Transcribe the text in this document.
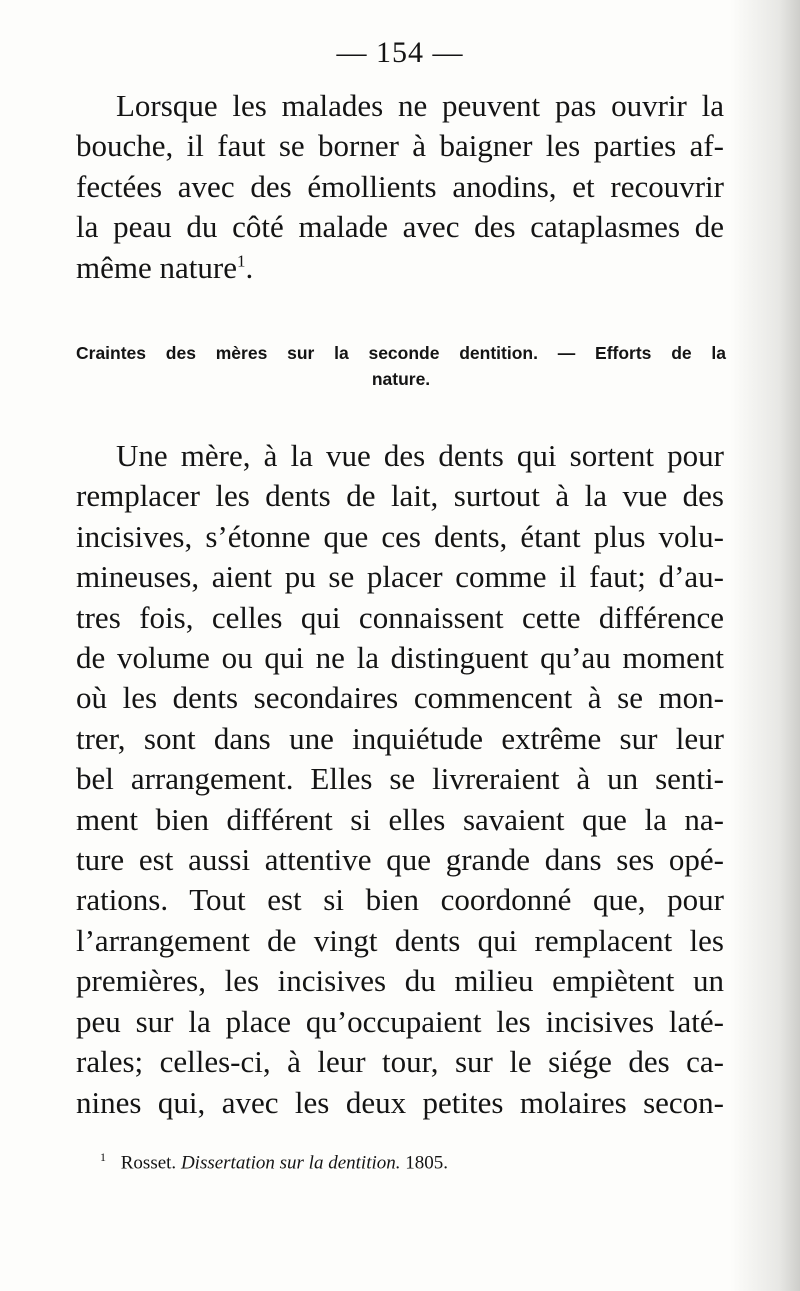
— 154 —

Lorsque les malades ne peuvent pas ouvrir la
bouche, il faut se borner à baigner les parties af-
fectées avec des émollients anodins, et recouvrir
la peau du côté malade avec des cataplasmes de
même nature$^1$.

Craintes des mères sur la seconde dentition. — Efforts de la
nature.

Une mère, à la vue des dents qui sortent pour
remplacer les dents de lait, surtout à la vue des
incisives, s’étonne que ces dents, étant plus volu-
mineuses, aient pu se placer comme il faut; d’au-
tres fois, celles qui connaissent cette différence
de volume ou qui ne la distinguent qu’au moment
où les dents secondaires commencent à se mon-
trer, sont dans une inquiétude extrême sur leur
bel arrangement. Elles se livreraient à un senti-
ment bien différent si elles savaient que la na-
ture est aussi attentive que grande dans ses opé-
rations. Tout est si bien coordonné que, pour
l’arrangement de vingt dents qui remplacent les
premières, les incisives du milieu empiètent un
peu sur la place qu’occupaient les incisives laté-
rales; celles-ci, à leur tour, sur le siége des ca-
nines qui, avec les deux petites molaires secon-

$^1$ Rosset. Dissertation sur la dentition. 1805.
